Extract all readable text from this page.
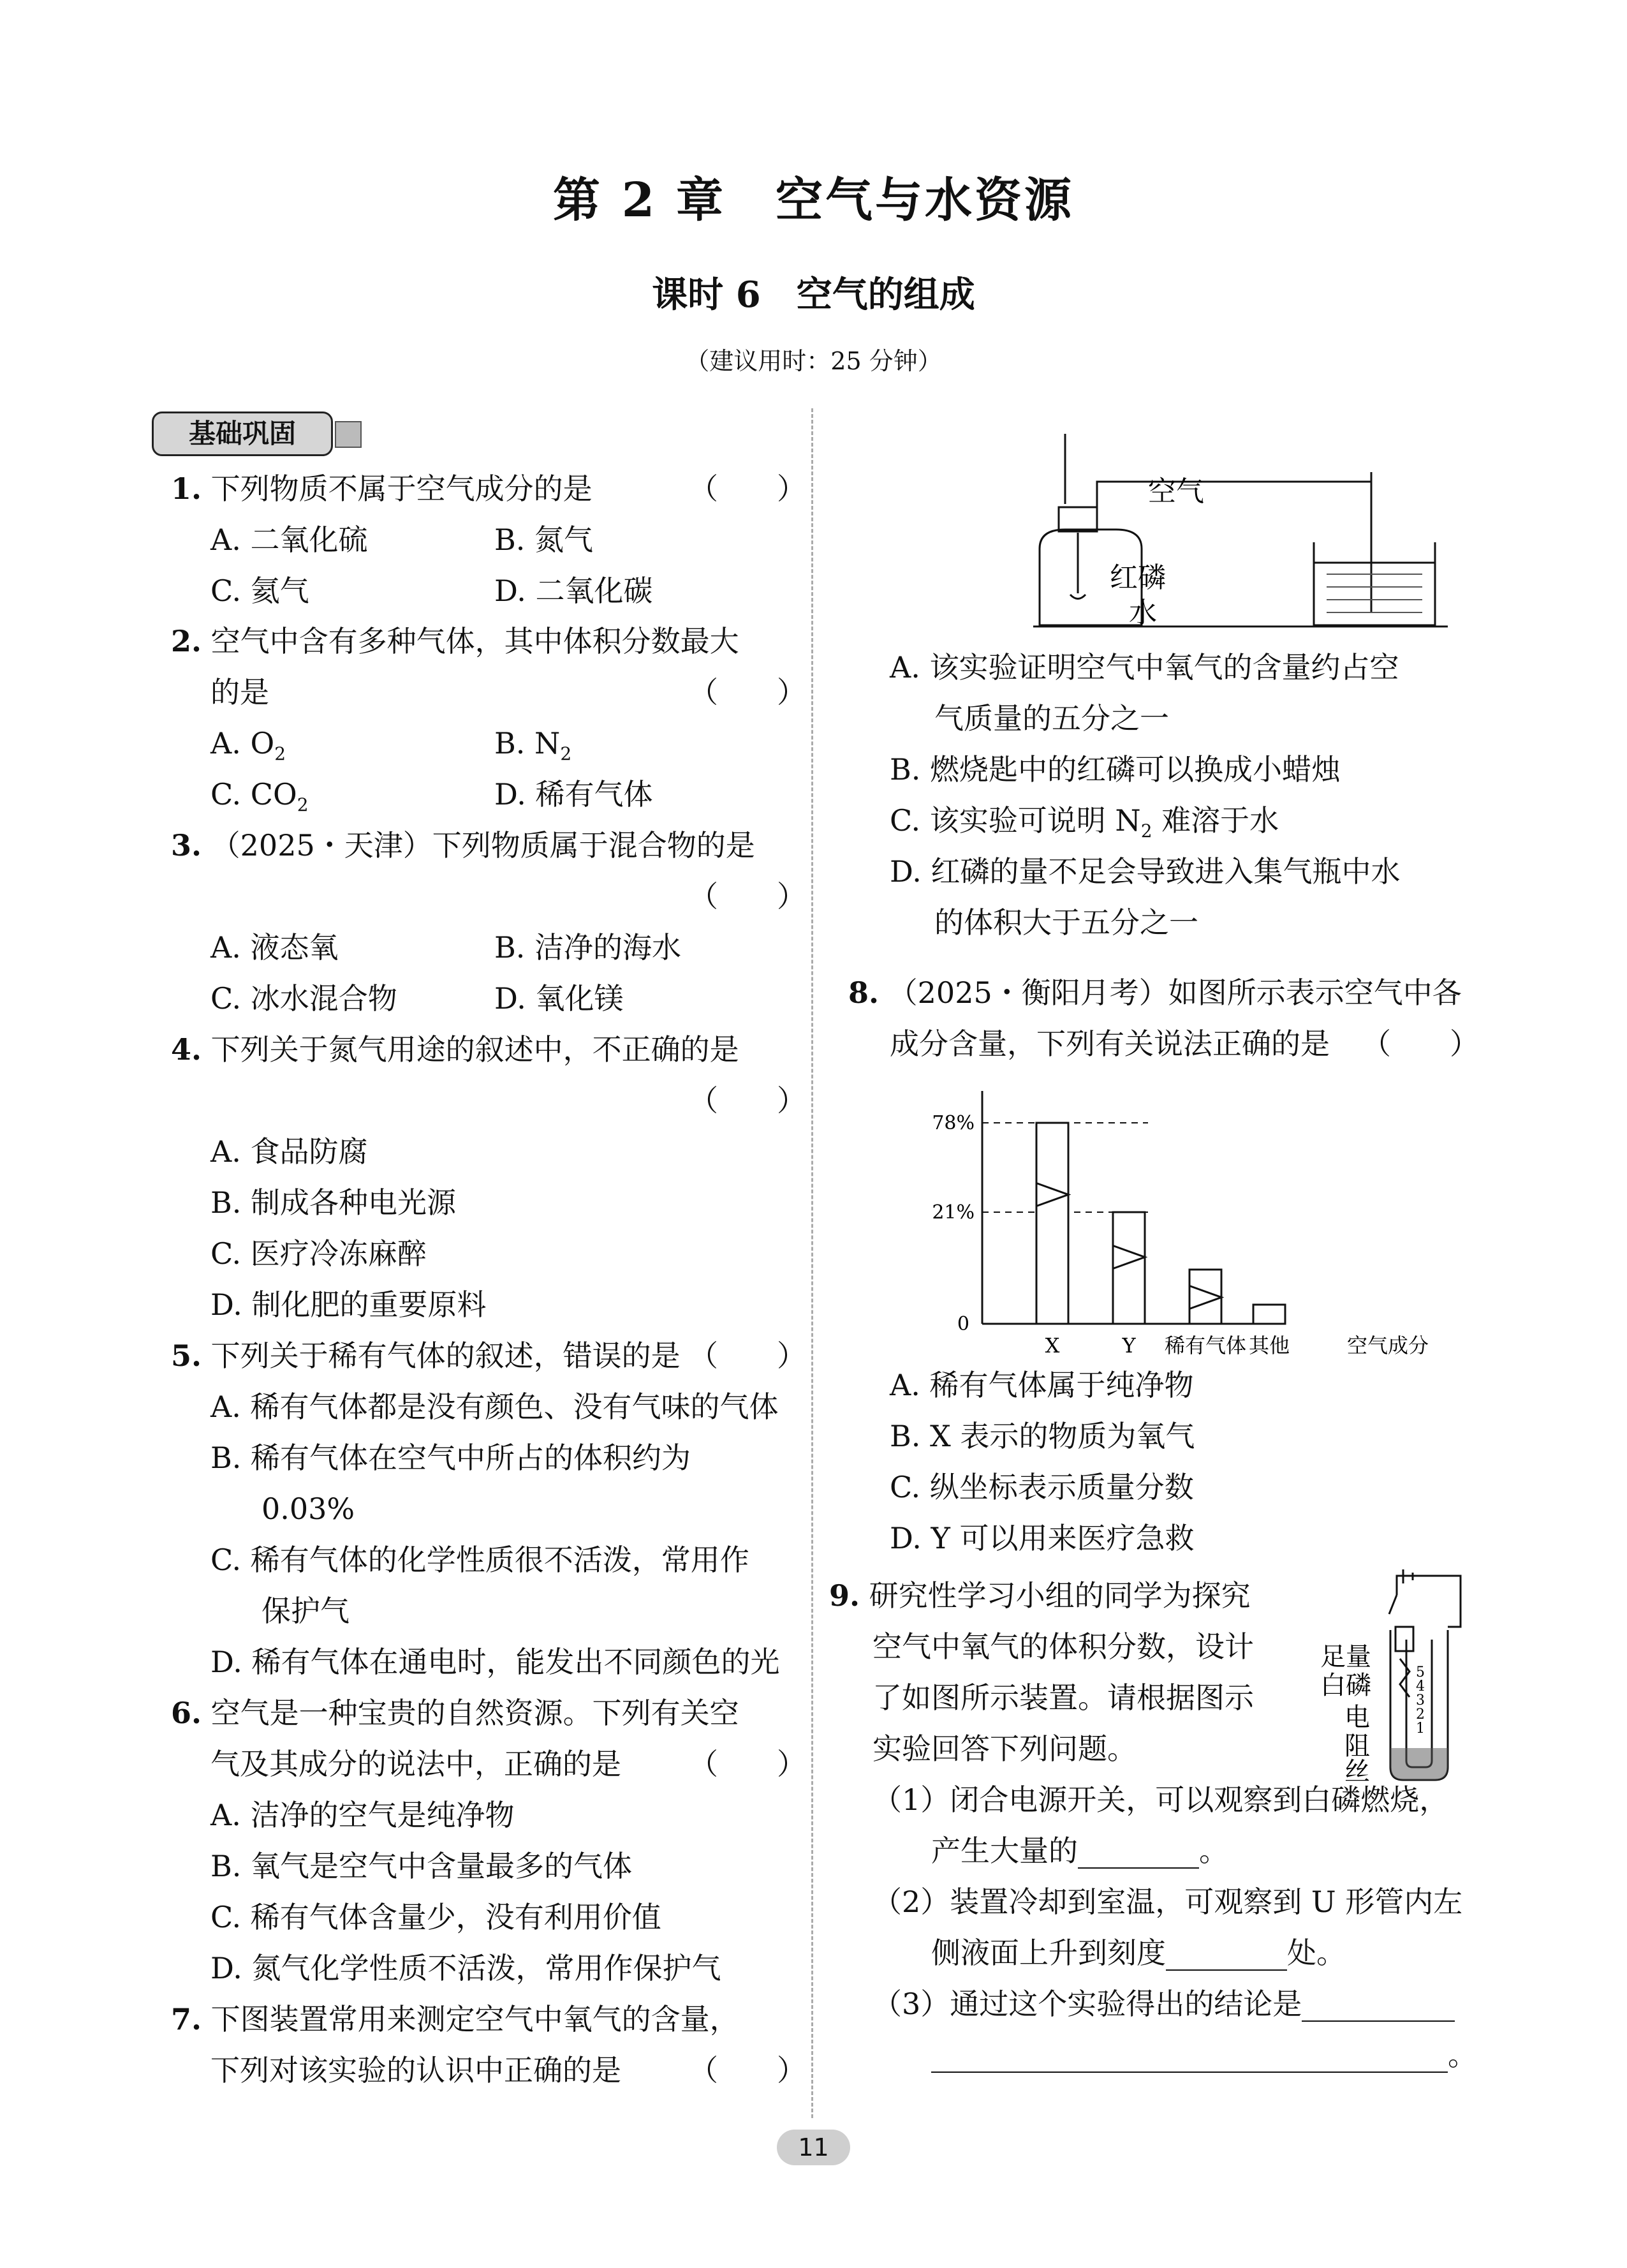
第 2 章　空气与水资源
课时 6　空气的组成
（建议用时：25 分钟）
基础巩固
1. 下列物质不属于空气成分的是	（　　）
A. 二氧化硫	B. 氮气
C. 氦气	D. 二氧化碳
2. 空气中含有多种气体，其中体积分数最大
的是	（　　）
A. $O_2$	B. $N_2$
C. $CO_2$	D. 稀有气体
3. （2025・天津）下列物质属于混合物的是
（　　）
A. 液态氧	B. 洁净的海水
C. 冰水混合物	D. 氧化镁
4. 下列关于氮气用途的叙述中，不正确的是
（　　）
A. 食品防腐
B. 制成各种电光源
C. 医疗冷冻麻醉
D. 制化肥的重要原料
5. 下列关于稀有气体的叙述，错误的是 （　　）
A. 稀有气体都是没有颜色、没有气味的气体
B. 稀有气体在空气中所占的体积约为
0.03%
C. 稀有气体的化学性质很不活泼，常用作
保护气
D. 稀有气体在通电时，能发出不同颜色的光
6. 空气是一种宝贵的自然资源。下列有关空
气及其成分的说法中，正确的是 （　　）
A. 洁净的空气是纯净物
B. 氧气是空气中含量最多的气体
C. 稀有气体含量少，没有利用价值
D. 氮气化学性质不活泼，常用作保护气
7. 下图装置常用来测定空气中氧气的含量，
下列对该实验的认识中正确的是 （　　）
空气
红磷
水
A. 该实验证明空气中氧气的含量约占空
气质量的五分之一
B. 燃烧匙中的红磷可以换成小蜡烛
C. 该实验可说明 $N_2$ 难溶于水
D. 红磷的量不足会导致进入集气瓶中水
的体积大于五分之一
8. （2025・衡阳月考）如图所示表示空气中各
成分含量，下列有关说法正确的是 （　　）
78%
21%
0
X	Y 稀有气体 其他	空气成分
A. 稀有气体属于纯净物
B. X 表示的物质为氧气
C. 纵坐标表示质量分数
D. Y 可以用来医疗急救
9. 研究性学习小组的同学为探究
空气中氧气的体积分数，设计
了如图所示装置。请根据图示
实验回答下列问题。
足量
白磷
电
阻
丝
5
4
3
2
1
（1）闭合电源开关，可以观察到白磷燃烧，
产生大量的	。
（2）装置冷却到室温，可观察到 U 形管内左
侧液面上升到刻度	处。
（3）通过这个实验得出的结论是
。
11
